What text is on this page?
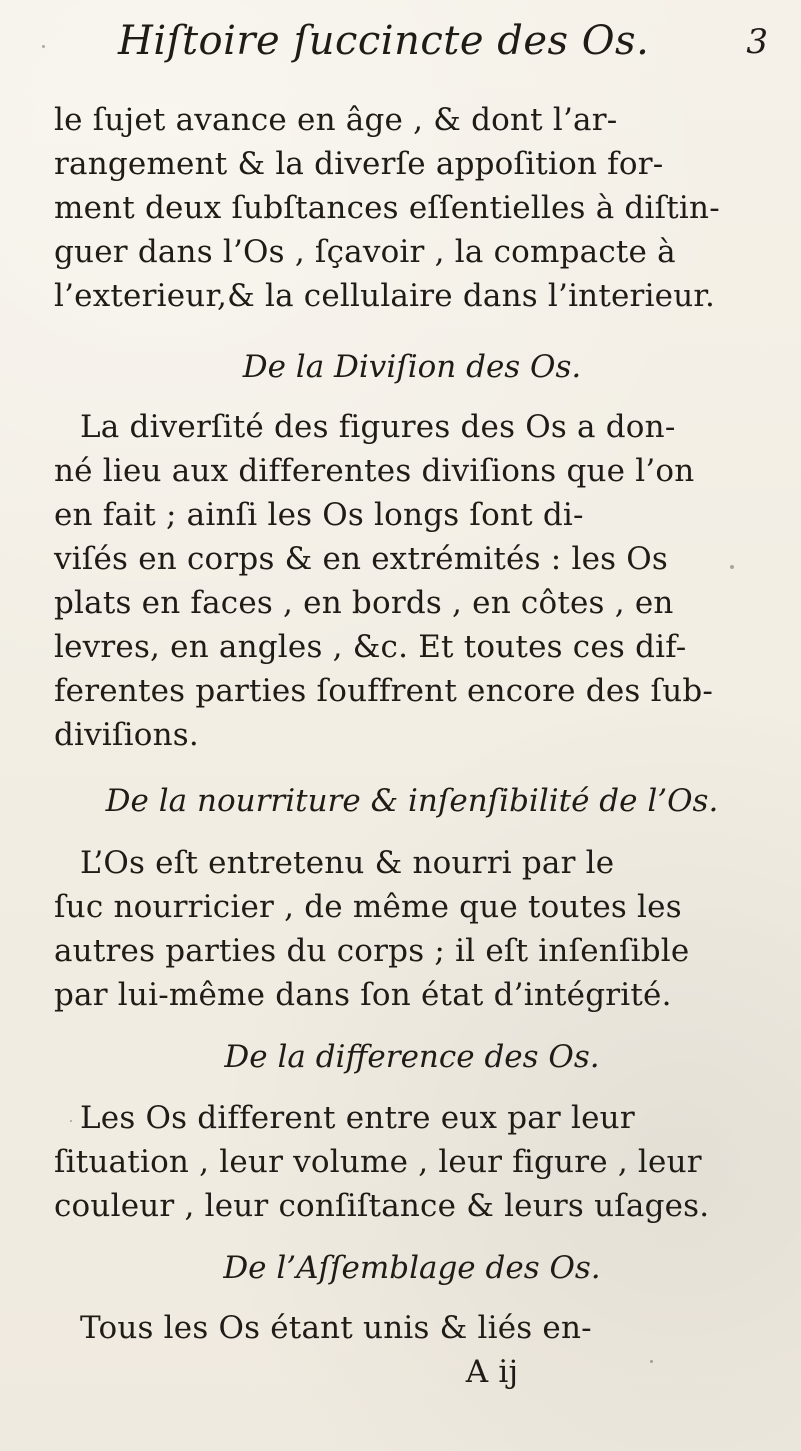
Hiſtoire ſuccincte des Os.	3

le ſujet avance en âge , & dont l’ar-
rangement & la diverſe appoſition for-
ment deux ſubſtances eſſentielles à diſtin-
guer dans l’Os , ſçavoir , la compacte à
l’exterieur,& la cellulaire dans l’interieur.

De la Diviſion des Os.

La diverſité des figures des Os a don-
né lieu aux differentes diviſions que l’on
en fait ; ainſi les Os longs ſont di-
viſés en corps & en extrémités : les Os
plats en faces , en bords , en côtes , en
levres, en angles , &c. Et toutes ces dif-
ferentes parties ſouffrent encore des ſub-
diviſions.

De la nourriture & inſenſibilité de l’Os.

L’Os eſt entretenu & nourri par le
ſuc nourricier , de même que toutes les
autres parties du corps ; il eſt inſenſible
par lui-même dans ſon état d’intégrité.

De la difference des Os.

Les Os different entre eux par leur
ſituation , leur volume , leur figure , leur
couleur , leur conſiſtance & leurs uſages.

De l’Aſſemblage des Os.

Tous les Os étant unis & liés en-
A ij
